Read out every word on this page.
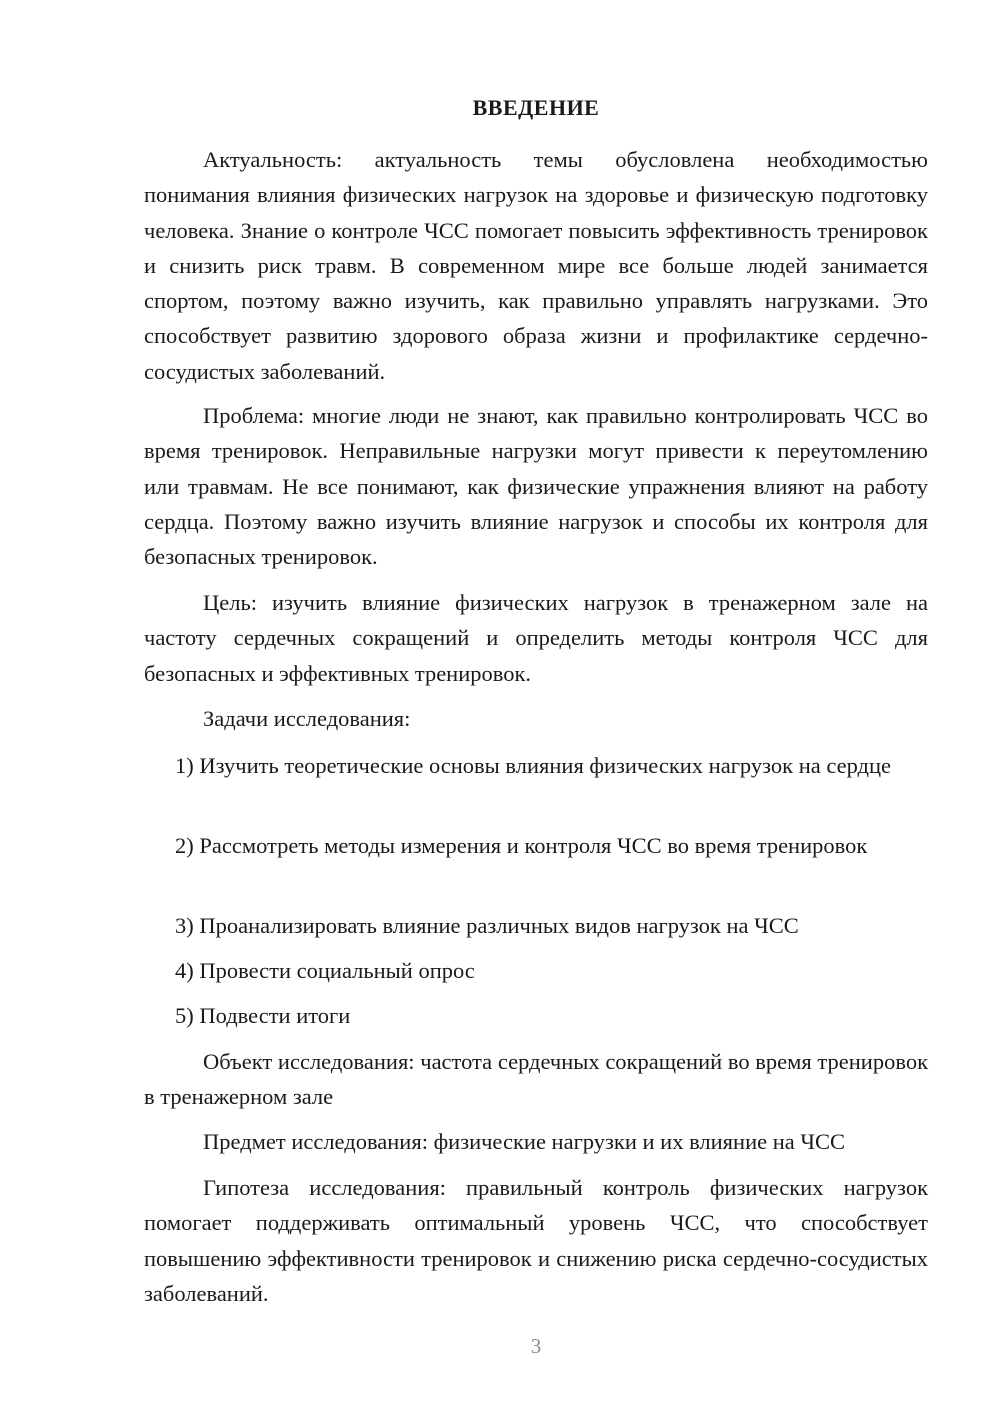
ВВЕДЕНИЕ

Актуальность: актуальность темы обусловлена необходимостью понимания влияния физических нагрузок на здоровье и физическую подготовку человека. Знание о контроле ЧСС помогает повысить эффективность тренировок и снизить риск травм. В современном мире все больше людей занимается спортом, поэтому важно изучить, как правильно управлять нагрузками. Это способствует развитию здорового образа жизни и профилактике сердечно-сосудистых заболеваний.

Проблема: многие люди не знают, как правильно контролировать ЧСС во время тренировок. Неправильные нагрузки могут привести к переутомлению или травмам. Не все понимают, как физические упражнения влияют на работу сердца. Поэтому важно изучить влияние нагрузок и способы их контроля для безопасных тренировок.

Цель: изучить влияние физических нагрузок в тренажерном зале на частоту сердечных сокращений и определить методы контроля ЧСС для безопасных и эффективных тренировок.

Задачи исследования:

1) Изучить теоретические основы влияния физических нагрузок на сердце

2) Рассмотреть методы измерения и контроля ЧСС во время тренировок

3) Проанализировать влияние различных видов нагрузок на ЧСС

4) Провести социальный опрос

5) Подвести итоги

Объект исследования: частота сердечных сокращений во время тренировок в тренажерном зале

Предмет исследования: физические нагрузки и их влияние на ЧСС

Гипотеза исследования: правильный контроль физических нагрузок помогает поддерживать оптимальный уровень ЧСС, что способствует повышению эффективности тренировок и снижению риска сердечно-сосудистых заболеваний.

3
